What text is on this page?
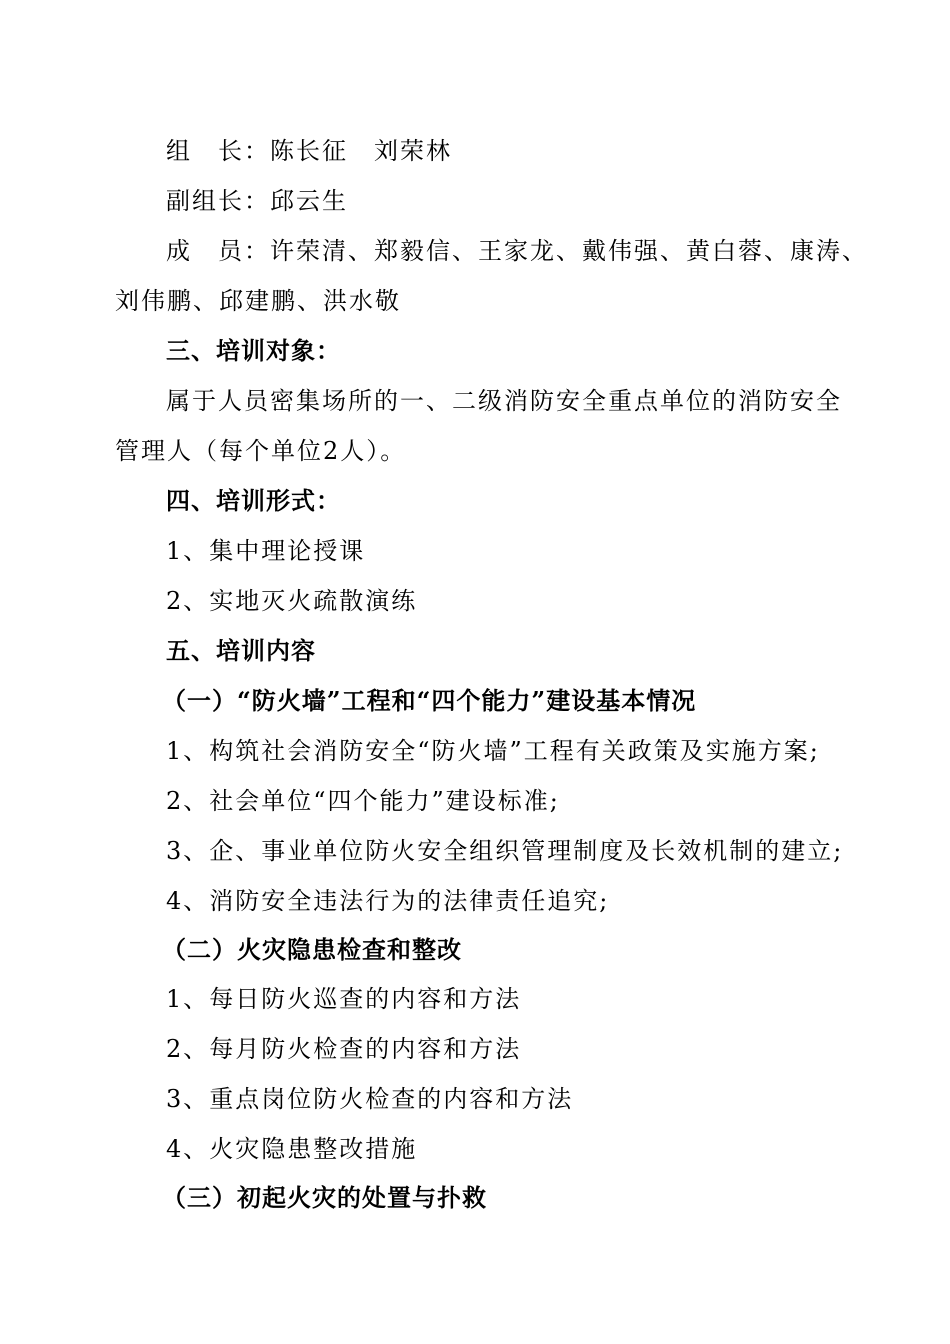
组　长：陈长征　刘荣林
副组长：邱云生
成　员：许荣清、郑毅信、王家龙、戴伟强、黄白蓉、康涛、
刘伟鹏、邱建鹏、洪水敬
三、培训对象：
属于人员密集场所的一、二级消防安全重点单位的消防安全
管理人（每个单位2人）。
四、培训形式：
1、集中理论授课
2、实地灭火疏散演练
五、培训内容
（一）“防火墙”工程和“四个能力”建设基本情况
1、构筑社会消防安全“防火墙”工程有关政策及实施方案;
2、社会单位“四个能力”建设标准;
3、企、事业单位防火安全组织管理制度及长效机制的建立;
4、消防安全违法行为的法律责任追究;
（二）火灾隐患检查和整改
1、每日防火巡查的内容和方法
2、每月防火检查的内容和方法
3、重点岗位防火检查的内容和方法
4、火灾隐患整改措施
（三）初起火灾的处置与扑救
